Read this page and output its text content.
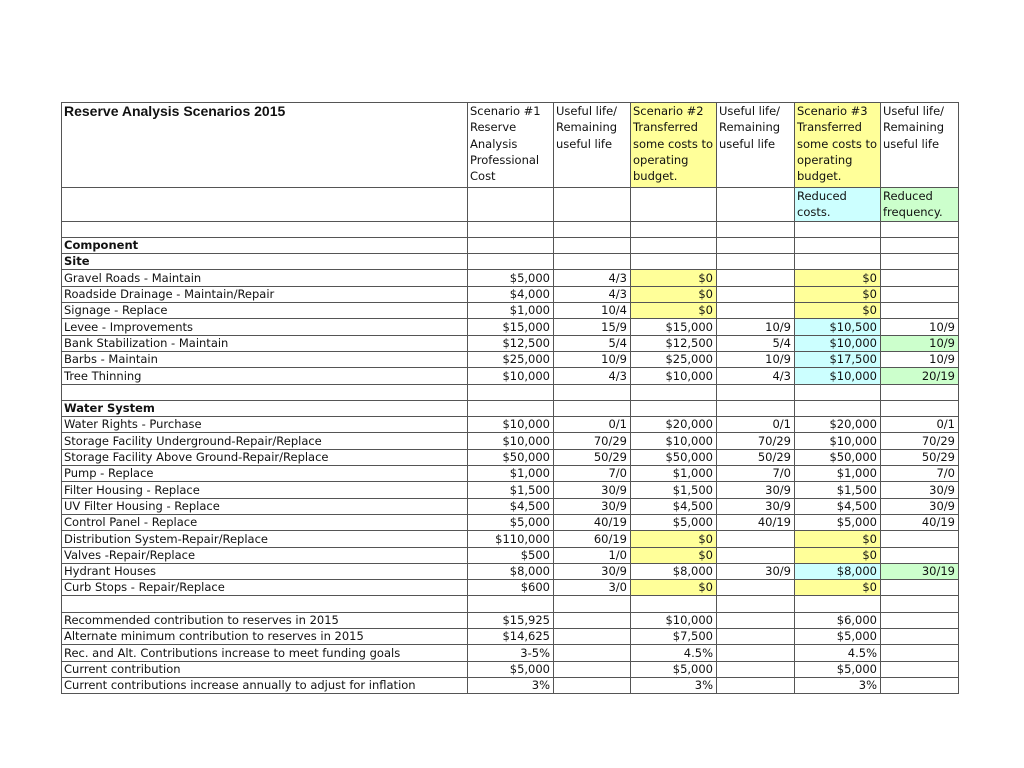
Reserve Analysis Scenarios 2015	Scenario #1 Reserve Analysis Professional Cost	Useful life/ Remaining useful life	Scenario #2 Transferred some costs to operating budget.	Useful life/ Remaining useful life	Scenario #3 Transferred some costs to operating budget.	Useful life/ Remaining useful life
					Reduced costs.	Reduced frequency.

Component						
Site						
Gravel Roads - Maintain	$5,000	4/3	$0		$0	
Roadside Drainage - Maintain/Repair	$4,000	4/3	$0		$0	
Signage - Replace	$1,000	10/4	$0		$0	
Levee - Improvements	$15,000	15/9	$15,000	10/9	$10,500	10/9
Bank Stabilization - Maintain	$12,500	5/4	$12,500	5/4	$10,000	10/9
Barbs - Maintain	$25,000	10/9	$25,000	10/9	$17,500	10/9
Tree Thinning	$10,000	4/3	$10,000	4/3	$10,000	20/19

Water System						
Water Rights - Purchase	$10,000	0/1	$20,000	0/1	$20,000	0/1
Storage Facility Underground-Repair/Replace	$10,000	70/29	$10,000	70/29	$10,000	70/29
Storage Facility Above Ground-Repair/Replace	$50,000	50/29	$50,000	50/29	$50,000	50/29
Pump - Replace	$1,000	7/0	$1,000	7/0	$1,000	7/0
Filter Housing - Replace	$1,500	30/9	$1,500	30/9	$1,500	30/9
UV Filter Housing - Replace	$4,500	30/9	$4,500	30/9	$4,500	30/9
Control Panel - Replace	$5,000	40/19	$5,000	40/19	$5,000	40/19
Distribution System-Repair/Replace	$110,000	60/19	$0		$0	
Valves -Repair/Replace	$500	1/0	$0		$0	
Hydrant Houses	$8,000	30/9	$8,000	30/9	$8,000	30/19
Curb Stops - Repair/Replace	$600	3/0	$0		$0	

Recommended contribution to reserves in 2015	$15,925		$10,000		$6,000	
Alternate minimum contribution to reserves in 2015	$14,625		$7,500		$5,000	
Rec. and Alt. Contributions increase to meet funding goals	3-5%		4.5%		4.5%	
Current contribution	$5,000		$5,000		$5,000	
Current contributions increase annually to adjust for inflation	3%		3%		3%	
